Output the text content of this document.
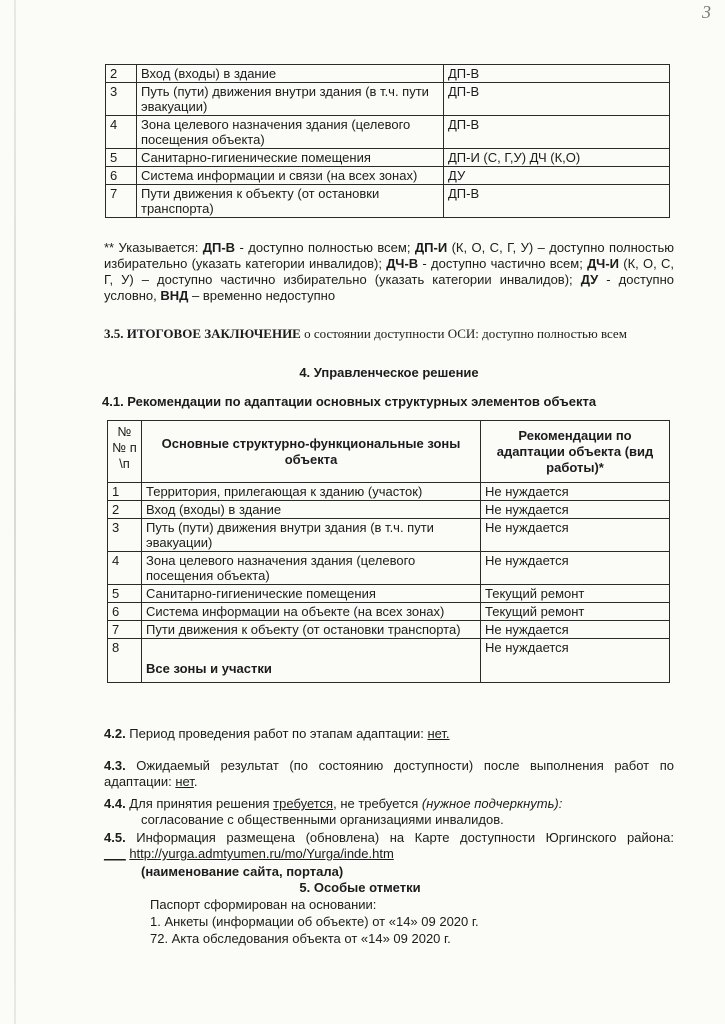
3
2	Вход (входы) в здание	ДП-В
3	Путь (пути) движения внутри здания (в т.ч. пути эвакуации)	ДП-В
4	Зона целевого назначения здания (целевого посещения объекта)	ДП-В
5	Санитарно-гигиенические помещения	ДП-И (С, Г,У) ДЧ (К,О)
6	Система информации и связи (на всех зонах)	ДУ
7	Пути движения к объекту (от остановки транспорта)	ДП-В

** Указывается: ДП-В - доступно полностью всем; ДП-И (К, О, С, Г, У) – доступно полностью избирательно (указать категории инвалидов); ДЧ-В - доступно частично всем; ДЧ-И (К, О, С, Г, У) – доступно частично избирательно (указать категории инвалидов); ДУ - доступно условно, ВНД – временно недоступно

3.5. ИТОГОВОЕ ЗАКЛЮЧЕНИЕ о состоянии доступности ОСИ: доступно полностью всем

4. Управленческое решение

4.1. Рекомендации по адаптации основных структурных элементов объекта

№ № п \п	Основные структурно-функциональные зоны объекта	Рекомендации по адаптации объекта (вид работы)*
1	Территория, прилегающая к зданию (участок)	Не нуждается
2	Вход (входы) в здание	Не нуждается
3	Путь (пути) движения внутри здания (в т.ч. пути эвакуации)	Не нуждается
4	Зона целевого назначения здания (целевого посещения объекта)	Не нуждается
5	Санитарно-гигиенические помещения	Текущий ремонт
6	Система информации на объекте (на всех зонах)	Текущий ремонт
7	Пути движения к объекту (от остановки транспорта)	Не нуждается
8	Все зоны и участки	Не нуждается

4.2. Период проведения работ по этапам адаптации: нет.

4.3. Ожидаемый результат (по состоянию доступности) после выполнения работ по адаптации: нет.

4.4. Для принятия решения требуется, не требуется (нужное подчеркнуть):

согласование с общественными организациями инвалидов.

4.5. Информация размещена (обновлена) на Карте доступности Юргинского района: ___ http://yurga.admtyumen.ru/mo/Yurga/inde.htm

(наименование сайта, портала)

5. Особые отметки

Паспорт сформирован на основании:

1. Анкеты (информации об объекте) от «14» 09 2020 г.

72. Акта обследования объекта от «14» 09 2020 г.
